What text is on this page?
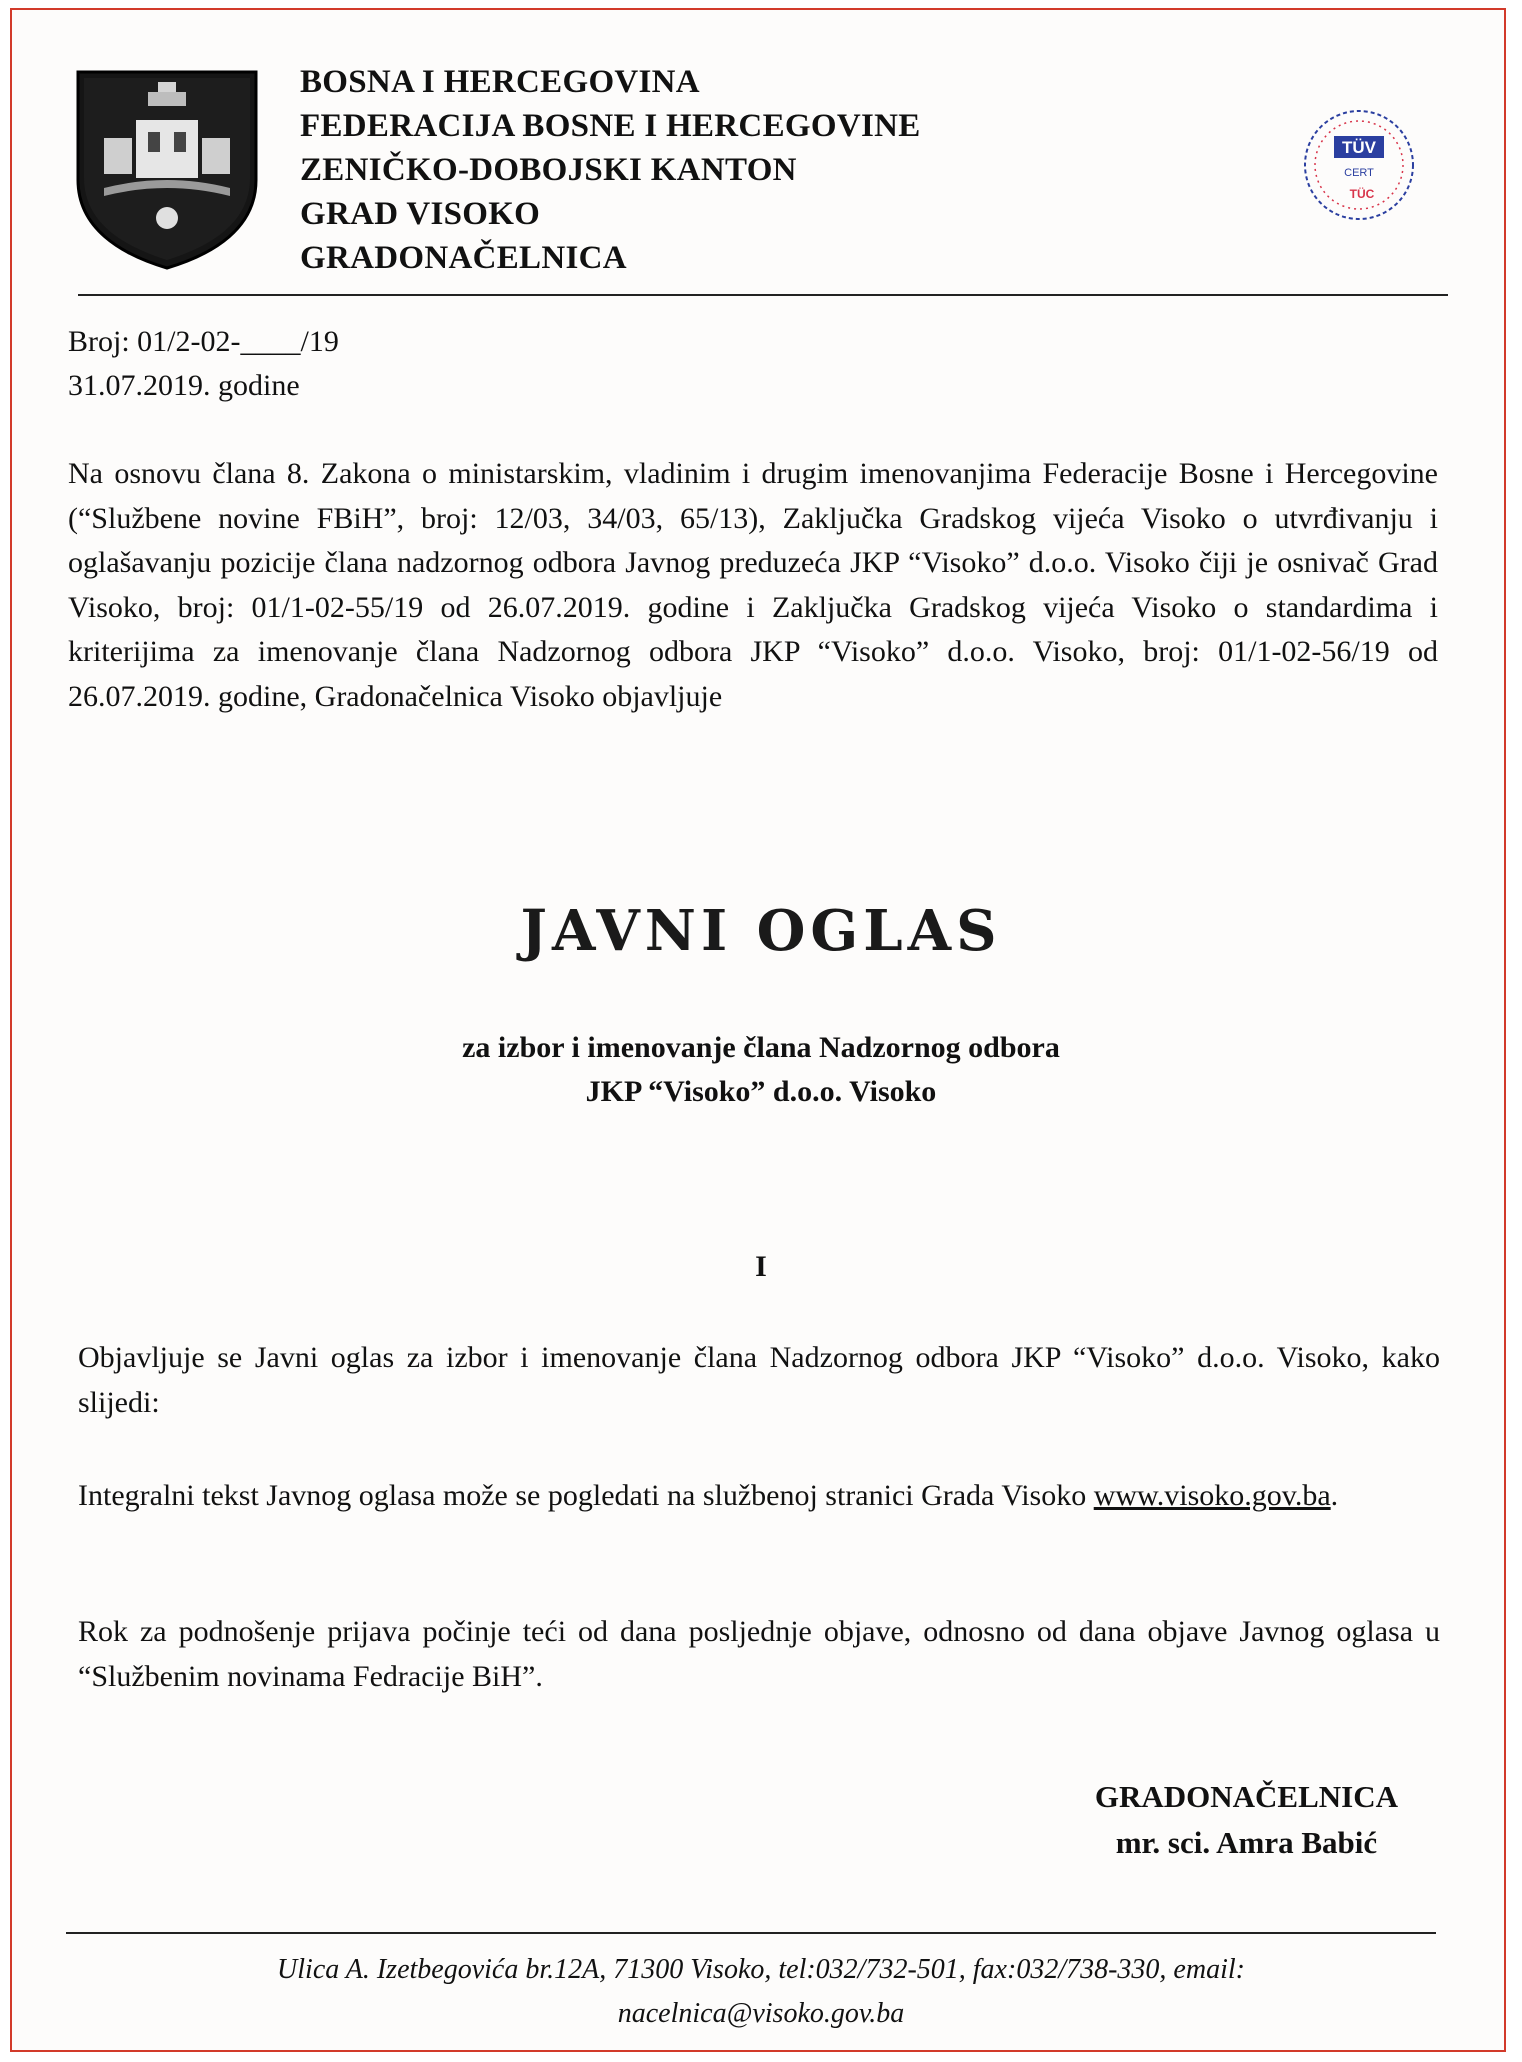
BOSNA I HERCEGOVINA
FEDERACIJA BOSNE I HERCEGOVINE
ZENIČKO-DOBOJSKI KANTON
GRAD VISOKO
GRADONAČELNICA
TÜV
CERT
TÜC
Broj: 01/2-02-____/19
31.07.2019. godine
Na osnovu člana 8. Zakona o ministarskim, vladinim i drugim imenovanjima Federacije Bosne i Hercegovine (“Službene novine FBiH”, broj: 12/03, 34/03, 65/13), Zaključka Gradskog vijeća Visoko o utvrđivanju i oglašavanju pozicije člana nadzornog odbora Javnog preduzeća JKP “Visoko” d.o.o. Visoko čiji je osnivač Grad Visoko, broj: 01/1-02-55/19 od 26.07.2019. godine i Zaključka Gradskog vijeća Visoko o standardima i kriterijima za imenovanje člana Nadzornog odbora JKP “Visoko” d.o.o. Visoko, broj: 01/1-02-56/19 od 26.07.2019. godine, Gradonačelnica Visoko objavljuje
JAVNI OGLAS
za izbor i imenovanje člana Nadzornog odbora
JKP “Visoko” d.o.o. Visoko
I
Objavljuje se Javni oglas za izbor i imenovanje člana Nadzornog odbora JKP “Visoko” d.o.o. Visoko, kako slijedi:
Integralni tekst Javnog oglasa može se pogledati na službenoj stranici Grada Visoko www.visoko.gov.ba.
Rok za podnošenje prijava počinje teći od dana posljednje objave, odnosno od dana objave Javnog oglasa u “Službenim novinama Fedracije BiH”.
GRADONAČELNICA
mr. sci. Amra Babić
Ulica A. Izetbegovića br.12A, 71300 Visoko, tel:032/732-501, fax:032/738-330, email:
nacelnica@visoko.gov.ba
